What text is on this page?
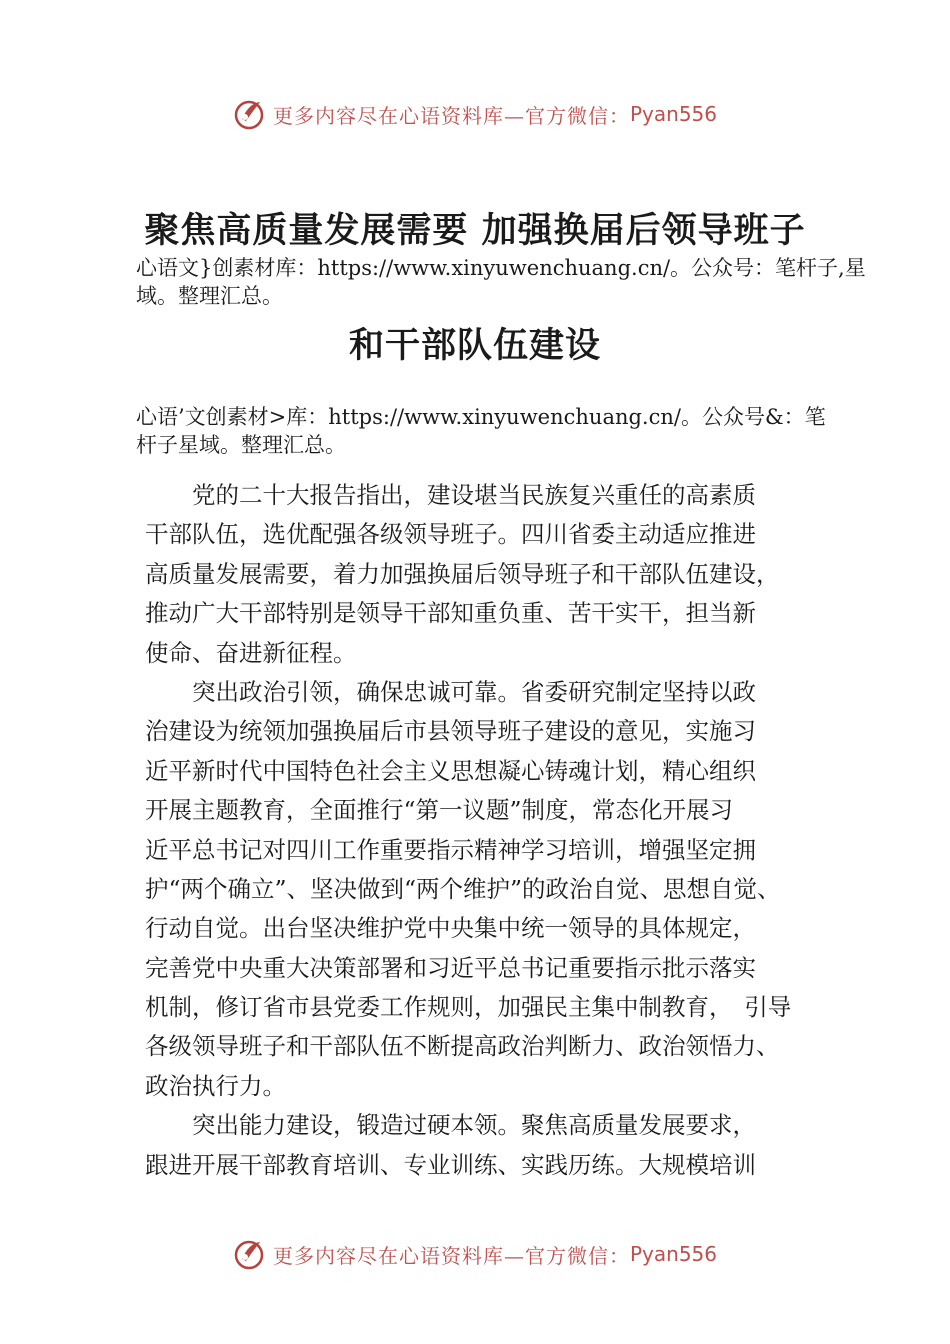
更多内容尽在心语资料库—官方微信： Pyan556
聚焦高质量发展需要 加强换届后领导班子
心语文}创素材库：https://www.xinyuwenchuang.cn/。公众号：笔杆子,星域。整理汇总。
和干部队伍建设
心语’文创素材>库：https://www.xinyuwenchuang.cn/。公众号&：笔杆子星域。整理汇总。
　　党的二十大报告指出，建设堪当民族复兴重任的高素质
干部队伍，选优配强各级领导班子。四川省委主动适应推进
高质量发展需要，着力加强换届后领导班子和干部队伍建设，
推动广大干部特别是领导干部知重负重、苦干实干，担当新
使命、奋进新征程。
　　突出政治引领，确保忠诚可靠。省委研究制定坚持以政
治建设为统领加强换届后市县领导班子建设的意见，实施习
近平新时代中国特色社会主义思想凝心铸魂计划，精心组织
开展主题教育，全面推行“第一议题”制度，常态化开展习
近平总书记对四川工作重要指示精神学习培训，增强坚定拥
护“两个确立”、坚决做到“两个维护”的政治自觉、思想自觉、
行动自觉。出台坚决维护党中央集中统一领导的具体规定，
完善党中央重大决策部署和习近平总书记重要指示批示落实
机制，修订省市县党委工作规则，加强民主集中制教育，　引导
各级领导班子和干部队伍不断提高政治判断力、政治领悟力、
政治执行力。
　　突出能力建设，锻造过硬本领。聚焦高质量发展要求，
跟进开展干部教育培训、专业训练、实践历练。大规模培训
更多内容尽在心语资料库—官方微信： Pyan556
